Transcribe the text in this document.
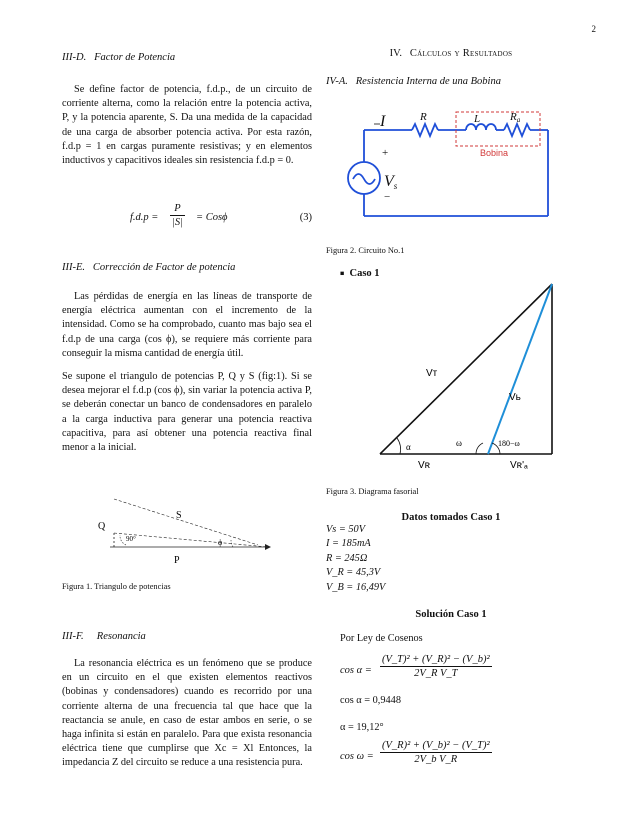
2
III-D. Factor de Potencia

Se define factor de potencia, f.d.p., de un circuito de corriente alterna, como la relación entre la potencia activa, P, y la potencia aparente, S. Da una medida de la capacidad de una carga de absorber potencia activa. Por esta razón, f.d.p = 1 en cargas puramente resistivas; y en elementos inductivos y capacitivos ideales sin resistencia f.d.p = 0.

$f.d.p = \frac{P}{|S|} = Cos\phi$	(3)
III-E. Corrección de Factor de potencia

Las pérdidas de energía en las líneas de transporte de energía eléctrica aumentan con el incremento de la intensidad. Como se ha comprobado, cuanto mas bajo sea el f.d.p de una carga (cos ϕ), se requiere más corriente para conseguir la misma cantidad de energía útil.

Se supone el triangulo de potencias P, Q y S (fig:1). Si se desea mejorar el f.d.p (cos ϕ), sin variar la potencia activa P, se deberán conectar un banco de condensadores en paralelo a la carga inductiva para generar una potencia reactiva capacitiva, para así obtener una potencia reactiva final menor a la inicial.

S
Q
P
90°	ϕ
Figura 1. Triangulo de potencias
III-F. Resonancia

La resonancia eléctrica es un fenómeno que se produce en un circuito en el que existen elementos reactivos (bobinas y condensadores) cuando es recorrido por una corriente alterna de una frecuencia tal que hace que la reactancia se anule, en caso de estar ambos en serie, o se haga infinita si están en paralelo. Para que exista resonancia eléctrica tiene que cumplirse que Xc = Xl Entonces, la impedancia Z del circuito se reduce a una resistencia pura.

IV. Cálculos y Resultados
IV-A. Resistencia Interna de una Bobina
I	R	L	Ra
Bobina
+
−
Vs
Figura 2. Circuito No.1
■ Caso 1
Vᴛ
Vь
α	ω	180−ω
Vʀ	Vʀ'ₐ
Figura 3. Diagrama fasorial
Datos tomados Caso 1
Vs = 50V
I = 185mA
R = 245Ω
V_R = 45,3V
V_B = 16,49V
Solución Caso 1
Por Ley de Cosenos
$\cos \alpha = \frac{\text{(V\_T)² + (V\_R)² − (V\_b)²}}{\text{2V\_R V\_T}}$
cos α = 0,9448
α = 19,12°
$\cos \omega = \frac{\text{(V\_R)² + (V\_b)² − (V\_T)²}}{\text{2V\_b V\_R}}$
